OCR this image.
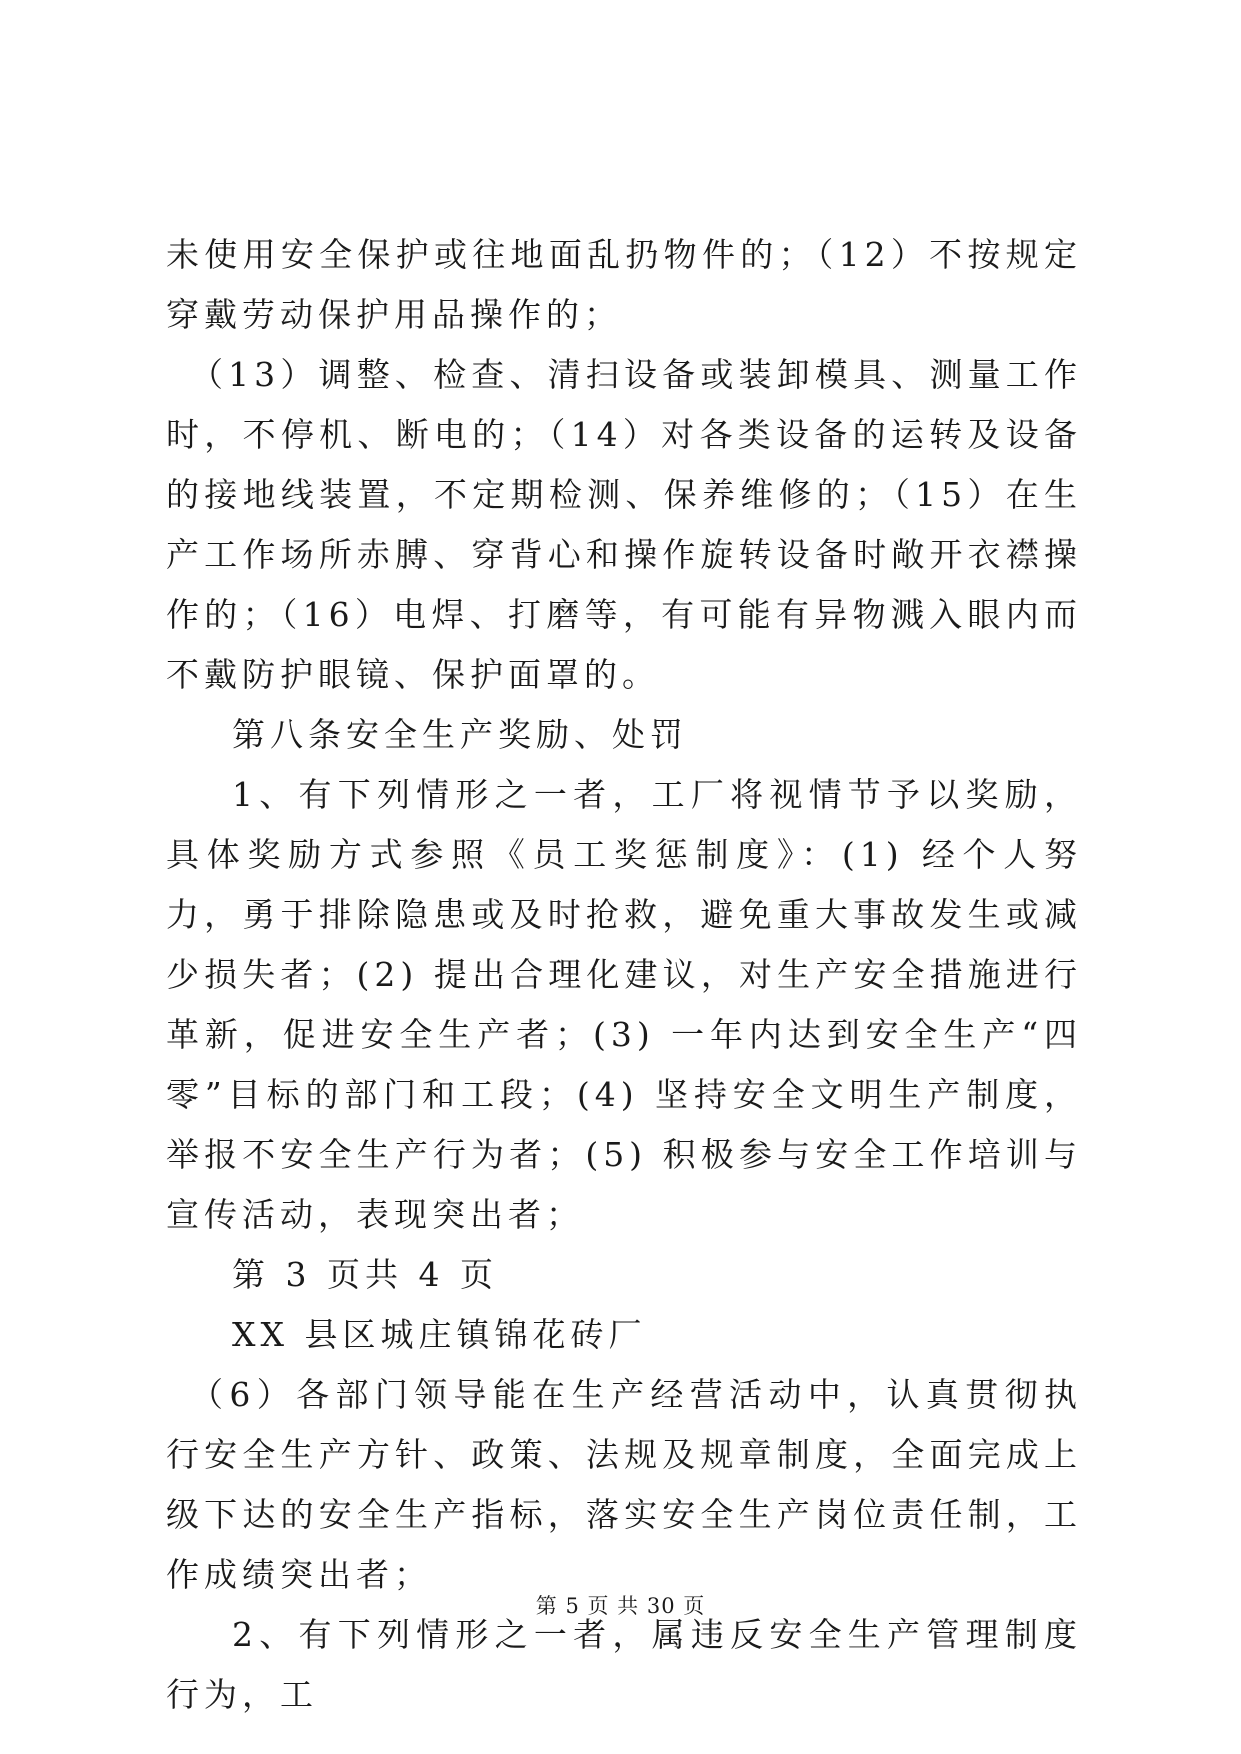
未使用安全保护或往地面乱扔物件的；（12）不按规定穿戴劳动保护用品操作的；

（13）调整、检查、清扫设备或装卸模具、测量工作时，不停机、断电的；（14）对各类设备的运转及设备的接地线装置，不定期检测、保养维修的；（15）在生产工作场所赤膊、穿背心和操作旋转设备时敞开衣襟操作的；（16）电焊、打磨等，有可能有异物溅入眼内而不戴防护眼镜、保护面罩的。

第八条安全生产奖励、处罚

1、有下列情形之一者，工厂将视情节予以奖励，具体奖励方式参照《员工奖惩制度》：(1) 经个人努力，勇于排除隐患或及时抢救，避免重大事故发生或减少损失者；(2) 提出合理化建议，对生产安全措施进行革新，促进安全生产者；(3) 一年内达到安全生产“四零”目标的部门和工段；(4) 坚持安全文明生产制度，举报不安全生产行为者；(5) 积极参与安全工作培训与宣传活动，表现突出者；

第 3 页共 4 页

XX 县区城庄镇锦花砖厂

（6）各部门领导能在生产经营活动中，认真贯彻执行安全生产方针、政策、法规及规章制度，全面完成上级下达的安全生产指标，落实安全生产岗位责任制，工作成绩突出者；

2、有下列情形之一者，属违反安全生产管理制度行为，工

第 5 页 共 30 页
